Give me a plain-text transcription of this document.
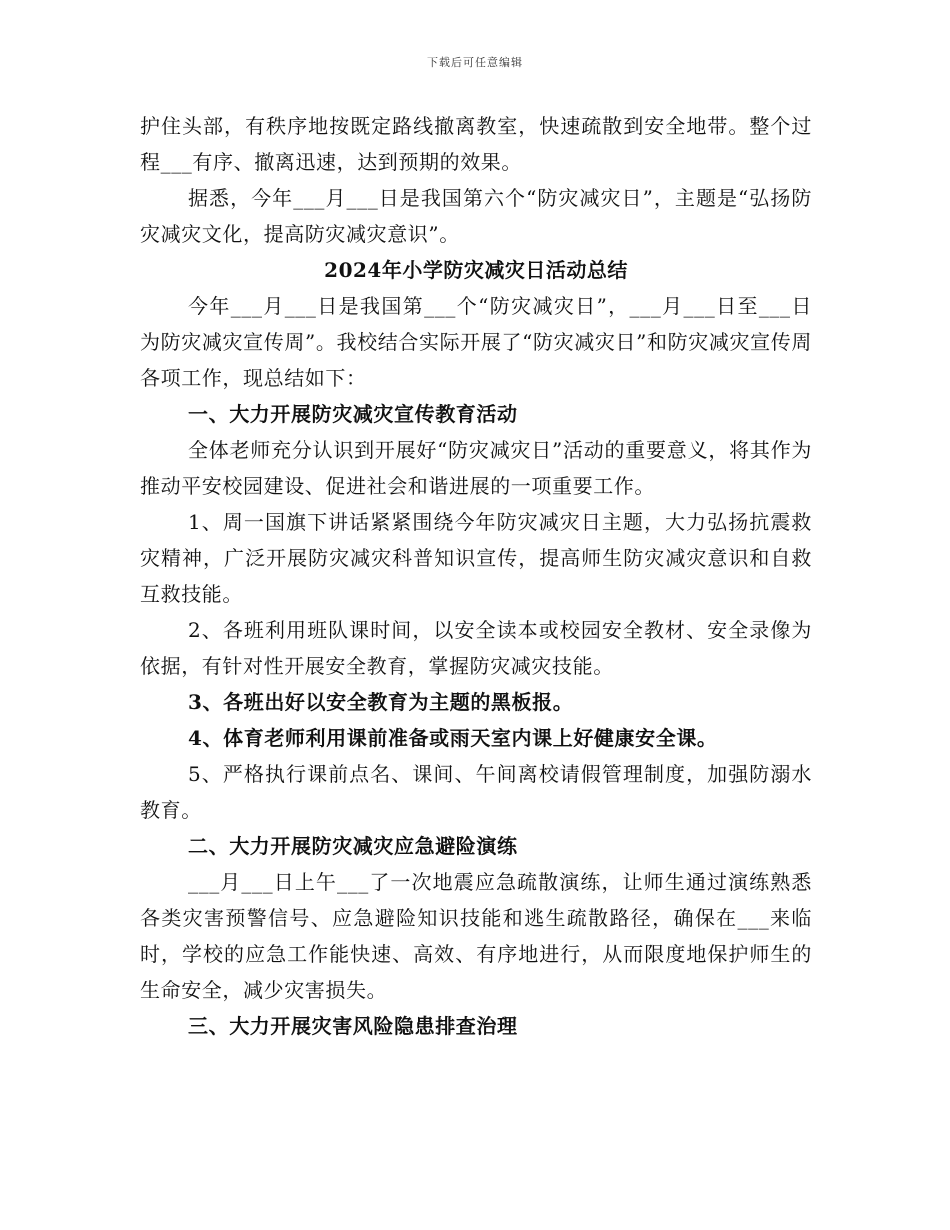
下载后可任意编辑

护住头部，有秩序地按既定路线撤离教室，快速疏散到安全地带。整个过程___有序、撤离迅速，达到预期的效果。

据悉，今年___月___日是我国第六个“防灾减灾日”，主题是“弘扬防灾减灾文化，提高防灾减灾意识”。

2024年小学防灾减灾日活动总结

今年___月___日是我国第___个“防灾减灾日”，___月___日至___日为防灾减灾宣传周”。我校结合实际开展了“防灾减灾日”和防灾减灾宣传周各项工作，现总结如下：

一、大力开展防灾减灾宣传教育活动

全体老师充分认识到开展好“防灾减灾日”活动的重要意义，将其作为推动平安校园建设、促进社会和谐进展的一项重要工作。

1、周一国旗下讲话紧紧围绕今年防灾减灾日主题，大力弘扬抗震救灾精神，广泛开展防灾减灾科普知识宣传，提高师生防灾减灾意识和自救互救技能。

2、各班利用班队课时间，以安全读本或校园安全教材、安全录像为依据，有针对性开展安全教育，掌握防灾减灾技能。

3、各班出好以安全教育为主题的黑板报。

4、体育老师利用课前准备或雨天室内课上好健康安全课。

5、严格执行课前点名、课间、午间离校请假管理制度，加强防溺水教育。

二、大力开展防灾减灾应急避险演练

___月___日上午___了一次地震应急疏散演练，让师生通过演练熟悉各类灾害预警信号、应急避险知识技能和逃生疏散路径，确保在___来临时，学校的应急工作能快速、高效、有序地进行，从而限度地保护师生的生命安全，减少灾害损失。

三、大力开展灾害风险隐患排查治理
